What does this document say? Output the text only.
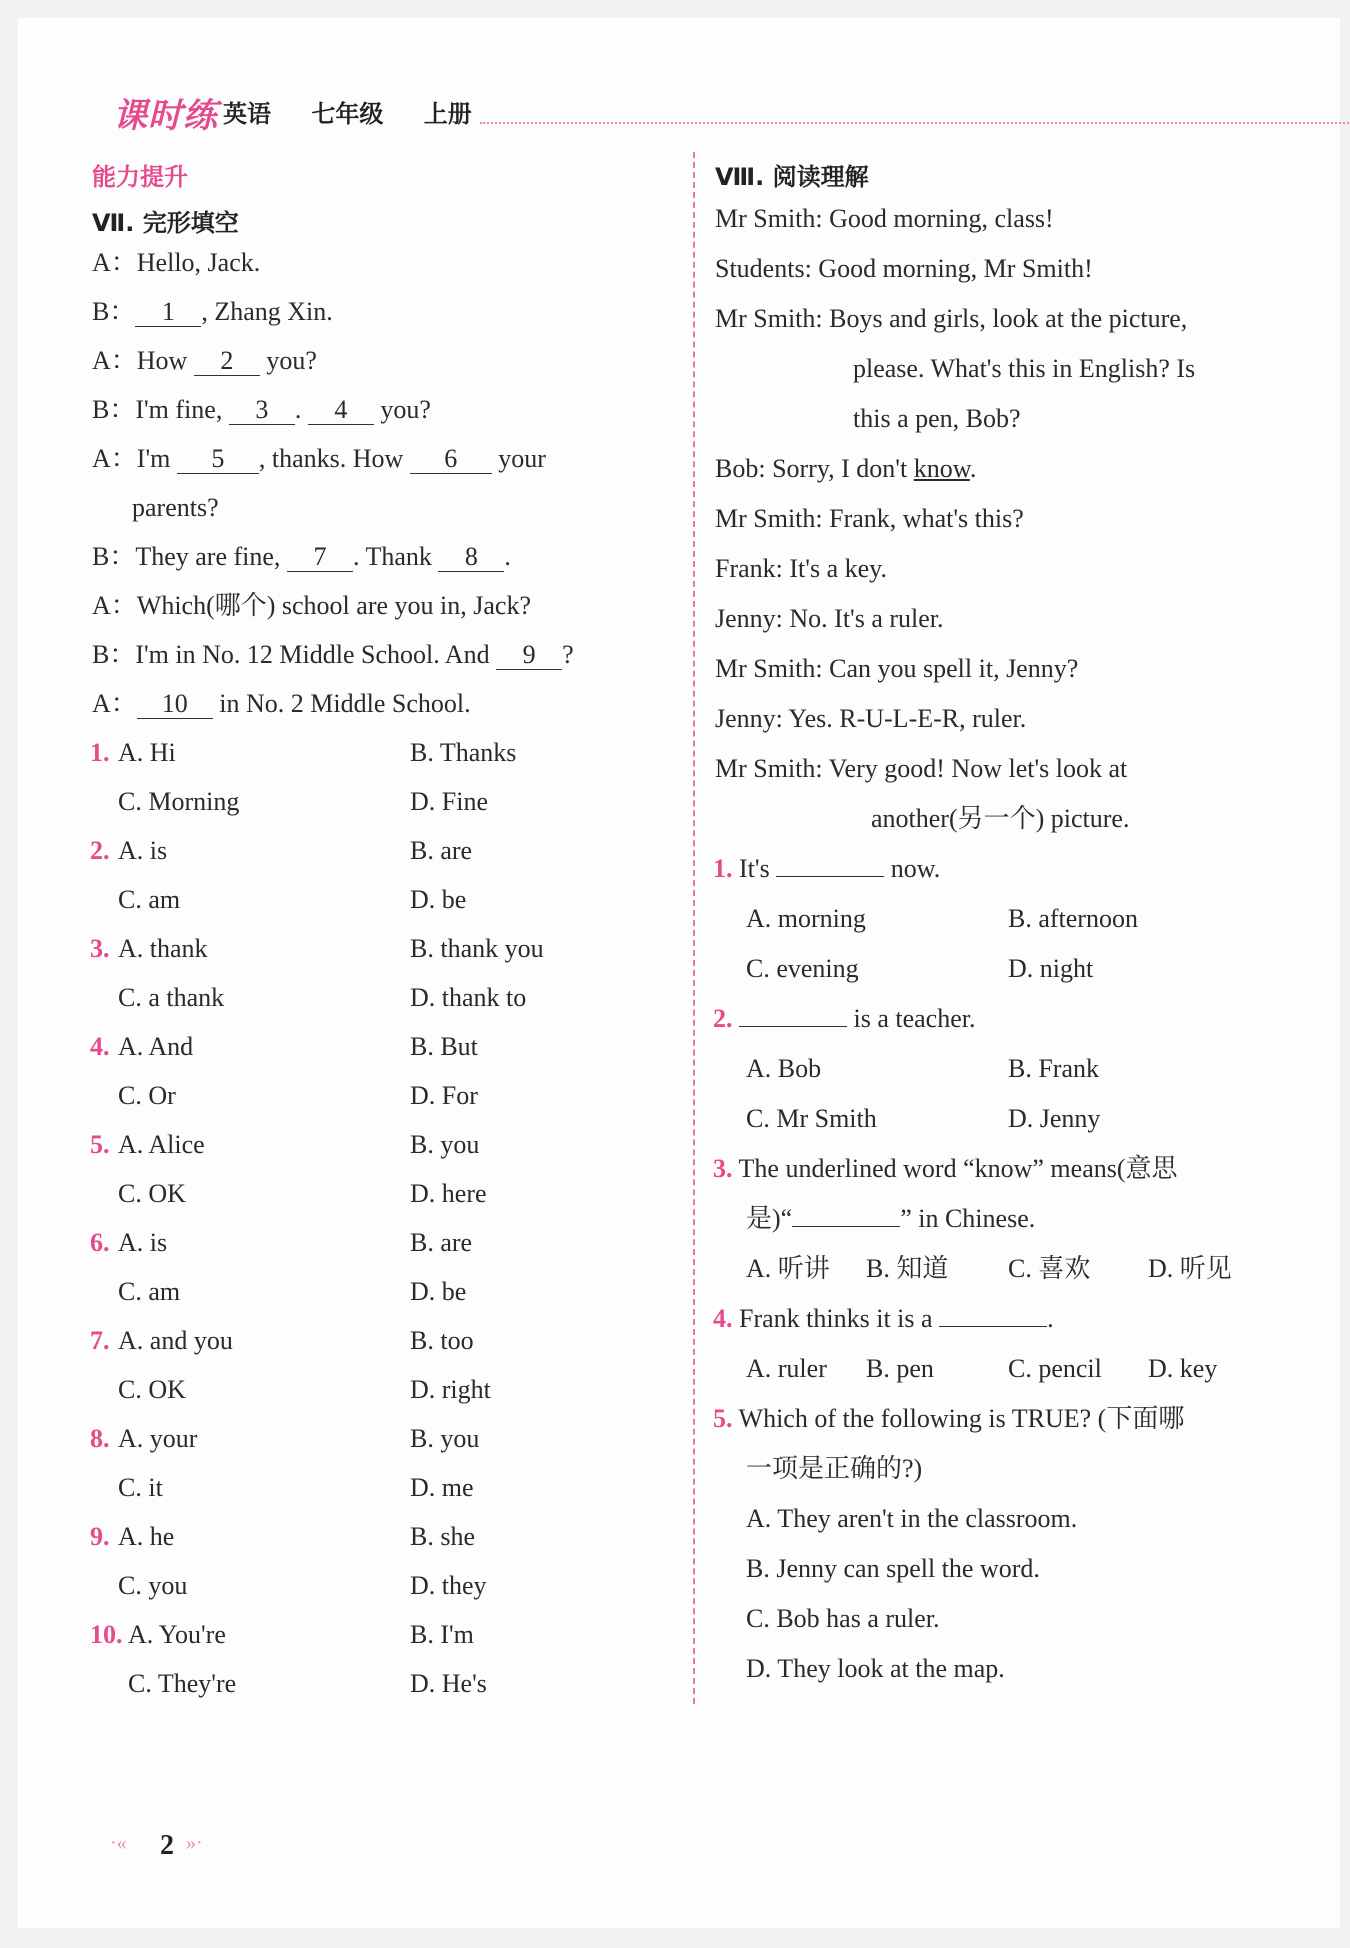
课时练 英语 七年级 上册
能力提升
Ⅶ. 完形填空
A：Hello, Jack.
B： 1 , Zhang Xin.
A：How 2 you?
B：I'm fine, 3 . 4 you?
A：I'm 5 , thanks. How 6 your
parents?
B：They are fine, 7 . Thank 8 .
A：Which(哪个) school are you in, Jack?
B：I'm in No. 12 Middle School. And 9 ?
A： 10 in No. 2 Middle School.
1. A. Hi	B. Thanks
C. Morning	D. Fine
2. A. is	B. are
C. am	D. be
3. A. thank	B. thank you
C. a thank	D. thank to
4. A. And	B. But
C. Or	D. For
5. A. Alice	B. you
C. OK	D. here
6. A. is	B. are
C. am	D. be
7. A. and you	B. too
C. OK	D. right
8. A. your	B. you
C. it	D. me
9. A. he	B. she
C. you	D. they
10. A. You're	B. I'm
C. They're	D. He's
Ⅷ. 阅读理解
Mr Smith: Good morning, class!
Students: Good morning, Mr Smith!
Mr Smith: Boys and girls, look at the picture,
please. What's this in English? Is
this a pen, Bob?
Bob: Sorry, I don't know.
Mr Smith: Frank, what's this?
Frank: It's a key.
Jenny: No. It's a ruler.
Mr Smith: Can you spell it, Jenny?
Jenny: Yes. R-U-L-E-R, ruler.
Mr Smith: Very good! Now let's look at
another(另一个) picture.
1. It's	now.
A. morning	B. afternoon
C. evening	D. night
2.	is a teacher.
A. Bob	B. Frank
C. Mr Smith	D. Jenny
3. The underlined word “know” means(意思
是)“	” in Chinese.
A. 听讲 B. 知道 C. 喜欢 D. 听见
4. Frank thinks it is a	.
A. ruler B. pen	C. pencil D. key
5. Which of the following is TRUE? (下面哪
一项是正确的?)
A. They aren't in the classroom.
B. Jenny can spell the word.
C. Bob has a ruler.
D. They look at the map.
·« 2 »·
